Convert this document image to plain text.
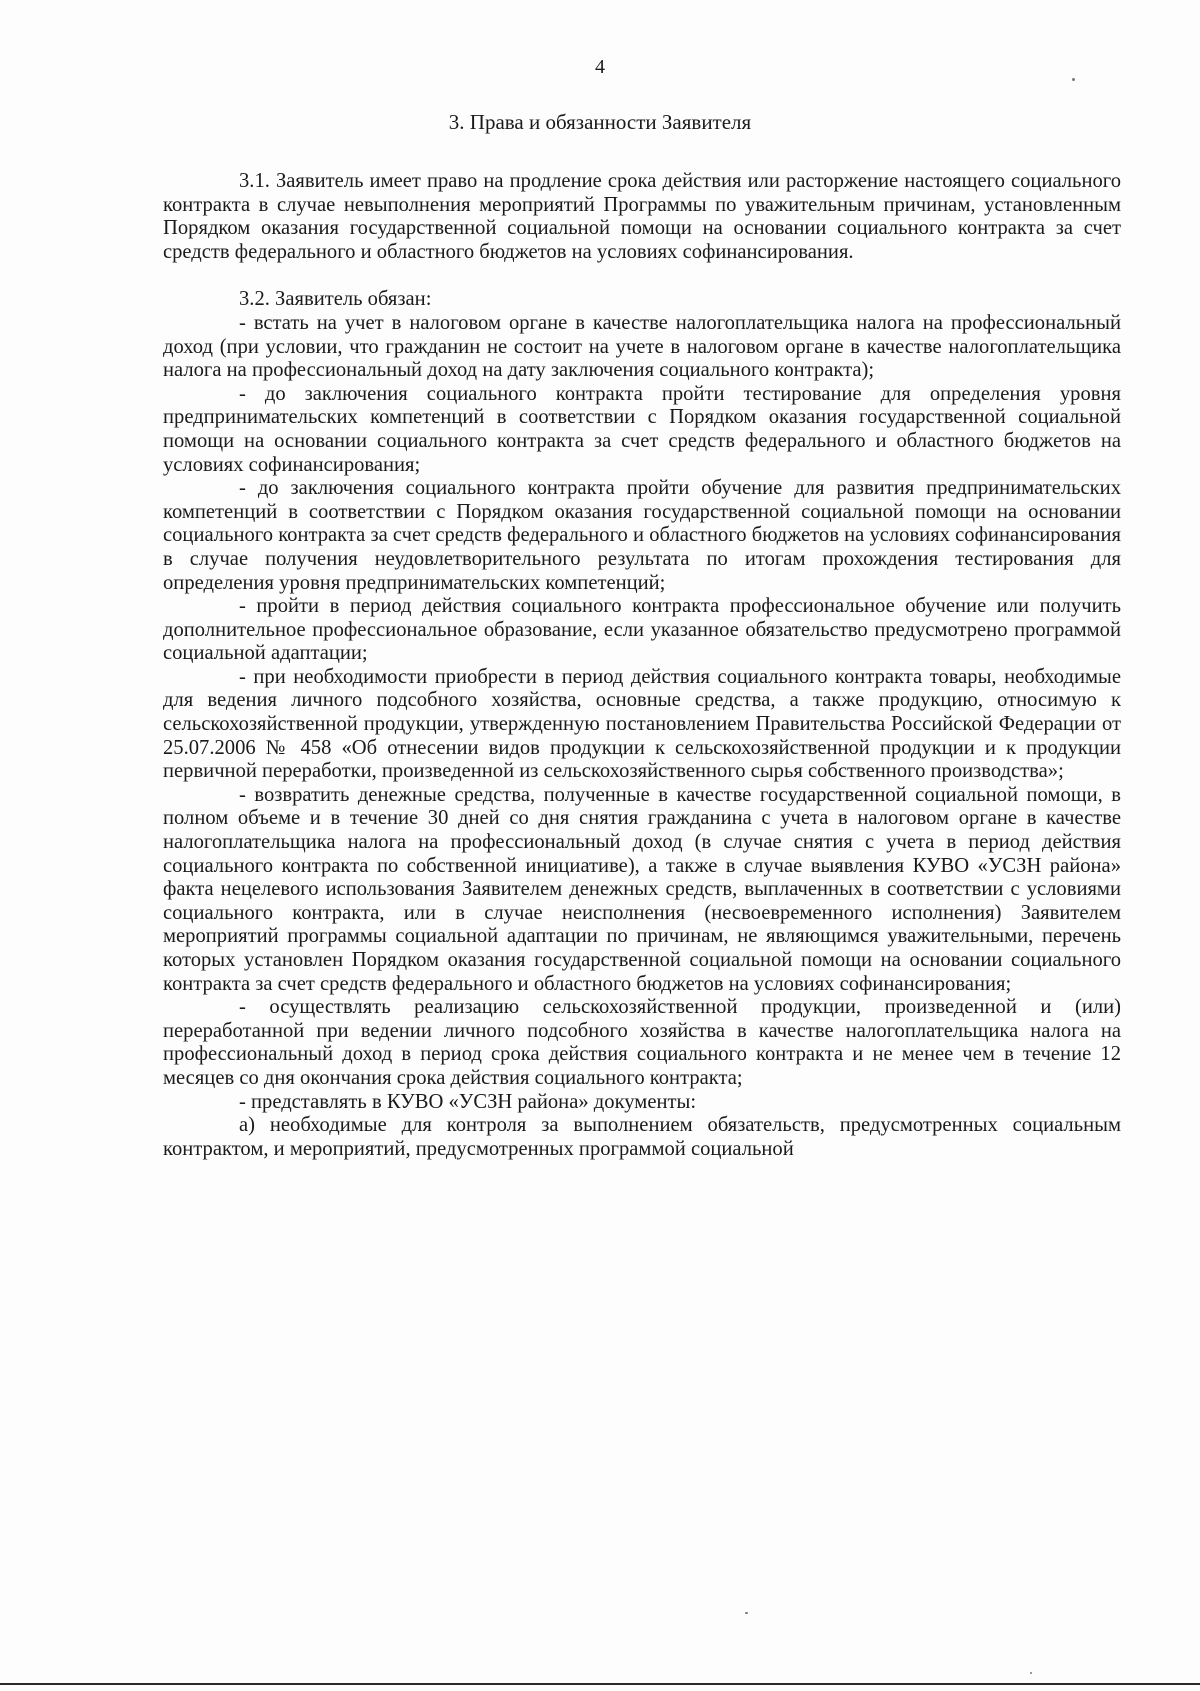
4
3. Права и обязанности Заявителя

3.1. Заявитель имеет право на продление срока действия или расторжение настоящего социального контракта в случае невыполнения мероприятий Программы по уважительным причинам, установленным Порядком оказания государственной социальной помощи на основании социального контракта за счет средств федерального и областного бюджетов на условиях софинансирования.

3.2. Заявитель обязан:

- встать на учет в налоговом органе в качестве налогоплательщика налога на профессиональный доход (при условии, что гражданин не состоит на учете в налоговом органе в качестве налогоплательщика налога на профессиональный доход на дату заключения социального контракта);

- до заключения социального контракта пройти тестирование для определения уровня предпринимательских компетенций в соответствии с Порядком оказания государственной социальной помощи на основании социального контракта за счет средств федерального и областного бюджетов на условиях софинансирования;

- до заключения социального контракта пройти обучение для развития предпринимательских компетенций в соответствии с Порядком оказания государственной социальной помощи на основании социального контракта за счет средств федерального и областного бюджетов на условиях софинансирования в случае получения неудовлетворительного результата по итогам прохождения тестирования для определения уровня предпринимательских компетенций;

- пройти в период действия социального контракта профессиональное обучение или получить дополнительное профессиональное образование, если указанное обязательство предусмотрено программой социальной адаптации;

- при необходимости приобрести в период действия социального контракта товары, необходимые для ведения личного подсобного хозяйства, основные средства, а также продукцию, относимую к сельскохозяйственной продукции, утвержденную постановлением Правительства Российской Федерации от 25.07.2006 № 458 «Об отнесении видов продукции к сельскохозяйственной продукции и к продукции первичной переработки, произведенной из сельскохозяйственного сырья собственного производства»;

- возвратить денежные средства, полученные в качестве государственной социальной помощи, в полном объеме и в течение 30 дней со дня снятия гражданина с учета в налоговом органе в качестве налогоплательщика налога на профессиональный доход (в случае снятия с учета в период действия социального контракта по собственной инициативе), а также в случае выявления КУВО «УСЗН района» факта нецелевого использования Заявителем денежных средств, выплаченных в соответствии с условиями социального контракта, или в случае неисполнения (несвоевременного исполнения) Заявителем мероприятий программы социальной адаптации по причинам, не являющимся уважительными, перечень которых установлен Порядком оказания государственной социальной помощи на основании социального контракта за счет средств федерального и областного бюджетов на условиях софинансирования;

- осуществлять реализацию сельскохозяйственной продукции, произведенной и (или) переработанной при ведении личного подсобного хозяйства в качестве налогоплательщика налога на профессиональный доход в период срока действия социального контракта и не менее чем в течение 12 месяцев со дня окончания срока действия социального контракта;

- представлять в КУВО «УСЗН района» документы:

а) необходимые для контроля за выполнением обязательств, предусмотренных социальным контрактом, и мероприятий, предусмотренных программой социальной
